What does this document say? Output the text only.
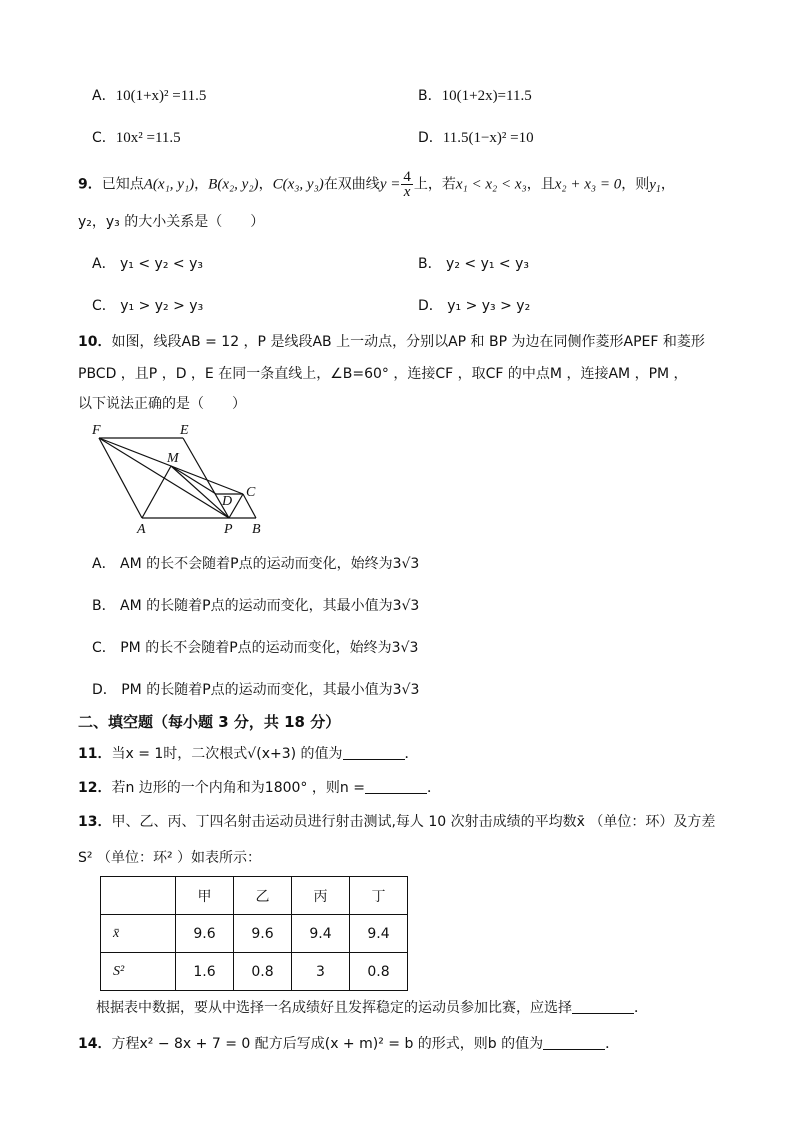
A．10(1+x)² =11.5	B．10(1+2x)=11.5
C．10x² =11.5	D．11.5(1−x)² =10
9．已知点A(x₁, y₁)，B(x₂, y₂)，C(x₃, y₃)在双曲线$y = \frac{4}{x}$ 上，若x₁ < x₂ < x₃，且x₂ + x₃ = 0，则$y_1$，
y₂，y₃ 的大小关系是（　　）
A． y₁ < y₂ < y₃	B． y₂ < y₁ < y₃
C． y₁ > y₂ > y₃	D． y₁ > y₃ > y₂
10．如图，线段AB = 12 ，P 是线段AB 上一动点，分别以AP 和 BP 为边在同侧作菱形APEF 和菱形
PBCD ，且P ，D ，E 在同一条直线上，∠B=60° ，连接CF ，取CF 的中点M ，连接AM ，PM ，
以下说法正确的是（　　）
F	E
M
D
C
A	P B
A． AM 的长不会随着P点的运动而变化，始终为3√3
B． AM 的长随着P点的运动而变化，其最小值为3√3
C． PM 的长不会随着P点的运动而变化，始终为3√3
D． PM 的长随着P点的运动而变化，其最小值为3√3
二、填空题（每小题 3 分，共 18 分）
11．当x = 1时，二次根式√(x+3) 的值为	．
12．若n 边形的一个内角和为1800° ，则n =	．
13．甲、乙、丙、丁四名射击运动员进行射击测试,每人 10 次射击成绩的平均数x̄ （单位：环）及方差
S² （单位：环² ）如表所示：
	甲	乙	丙	丁
x̄	9.6	9.6	9.4	9.4
S²	1.6	0.8	3	0.8
根据表中数据，要从中选择一名成绩好且发挥稳定的运动员参加比赛，应选择	．
14．方程x² − 8x + 7 = 0 配方后写成(x + m)² = b 的形式，则b 的值为	．
